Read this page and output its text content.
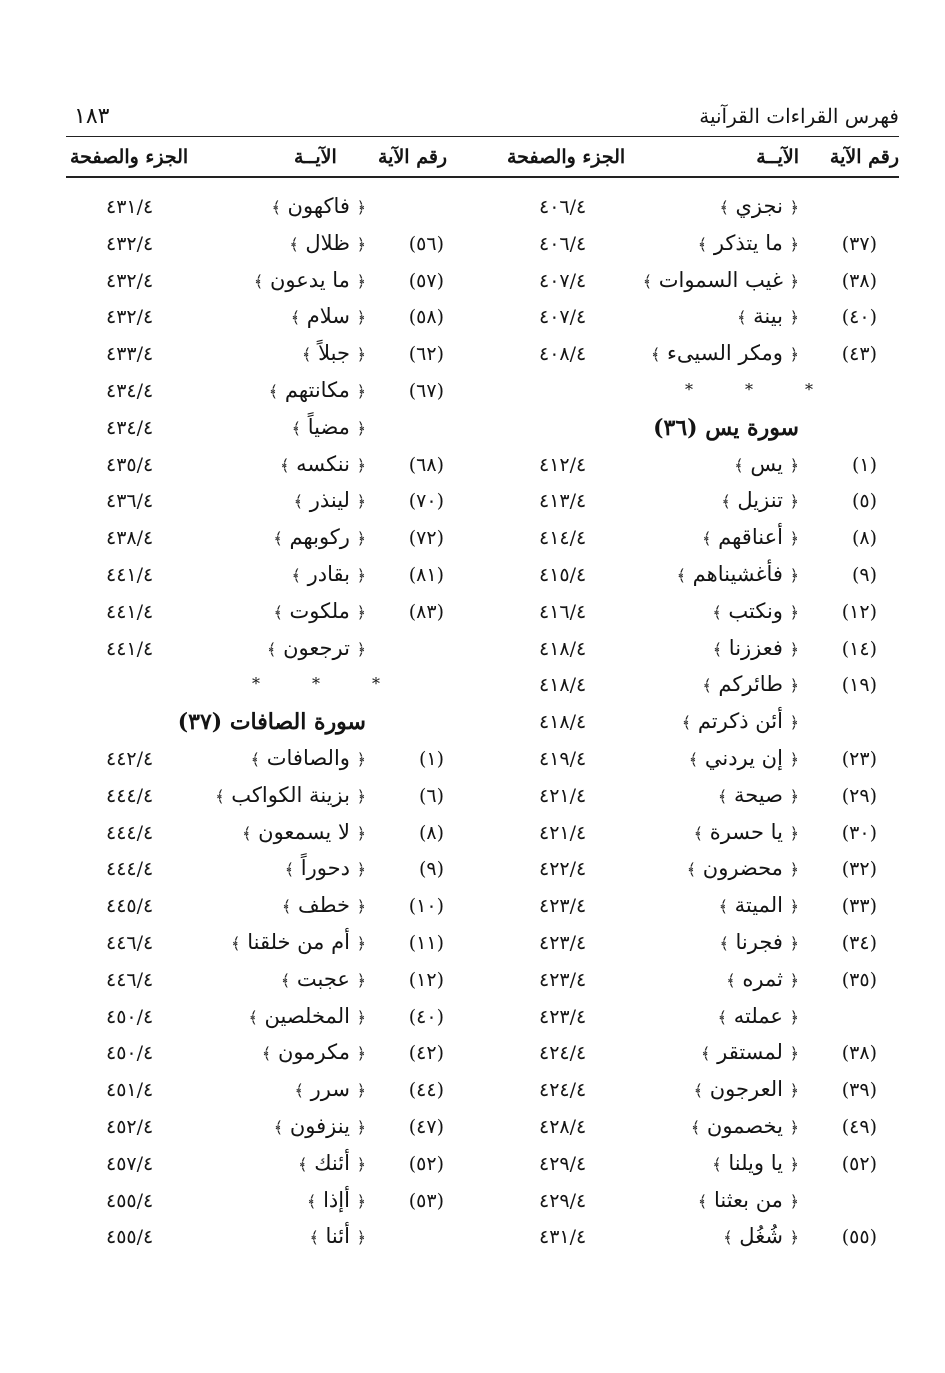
١٨٣	فهرس القراءات القرآنية
رقم الآية
الآيــة
الجزء والصفحة
رقم الآية
الآيــة
الجزء والصفحة
﴿ نجزي ﴾
٤٠٦/٤
(٣٧)
﴿ ما يتذكر ﴾
٤٠٦/٤
(٣٨)
﴿ غيب السموات ﴾
٤٠٧/٤
(٤٠)
﴿ بينة ﴾
٤٠٧/٤
(٤٣)
﴿ ومكر السيىء ﴾
٤٠٨/٤
***
سورة يس (٣٦)
(١)
﴿ يس ﴾
٤١٢/٤
(٥)
﴿ تنزيل ﴾
٤١٣/٤
(٨)
﴿ أعناقهم ﴾
٤١٤/٤
(٩)
﴿ فأغشيناهم ﴾
٤١٥/٤
(١٢)
﴿ ونكتب ﴾
٤١٦/٤
(١٤)
﴿ فعززنا ﴾
٤١٨/٤
(١٩)
﴿ طائركم ﴾
٤١٨/٤
﴿ أئن ذكرتم ﴾
٤١٨/٤
(٢٣)
﴿ إن يردني ﴾
٤١٩/٤
(٢٩)
﴿ صيحة ﴾
٤٢١/٤
(٣٠)
﴿ يا حسرة ﴾
٤٢١/٤
(٣٢)
﴿ محضرون ﴾
٤٢٢/٤
(٣٣)
﴿ الميتة ﴾
٤٢٣/٤
(٣٤)
﴿ فجرنا ﴾
٤٢٣/٤
(٣٥)
﴿ ثمره ﴾
٤٢٣/٤
﴿ عملته ﴾
٤٢٣/٤
(٣٨)
﴿ لمستقر ﴾
٤٢٤/٤
(٣٩)
﴿ العرجون ﴾
٤٢٤/٤
(٤٩)
﴿ يخصمون ﴾
٤٢٨/٤
(٥٢)
﴿ يا ويلنا ﴾
٤٢٩/٤
﴿ من بعثنا ﴾
٤٢٩/٤
(٥٥)
﴿ شُغُل ﴾
٤٣١/٤
﴿ فاكهون ﴾
٤٣١/٤
(٥٦)
﴿ ظلال ﴾
٤٣٢/٤
(٥٧)
﴿ ما يدعون ﴾
٤٣٢/٤
(٥٨)
﴿ سلام ﴾
٤٣٢/٤
(٦٢)
﴿ جبلاً ﴾
٤٣٣/٤
(٦٧)
﴿ مكانتهم ﴾
٤٣٤/٤
﴿ مضياً ﴾
٤٣٤/٤
(٦٨)
﴿ ننكسه ﴾
٤٣٥/٤
(٧٠)
﴿ لينذر ﴾
٤٣٦/٤
(٧٢)
﴿ ركوبهم ﴾
٤٣٨/٤
(٨١)
﴿ بقادر ﴾
٤٤١/٤
(٨٣)
﴿ ملكوت ﴾
٤٤١/٤
﴿ ترجعون ﴾
٤٤١/٤
***
سورة الصافات (٣٧)
(١)
﴿ والصافات ﴾
٤٤٢/٤
(٦)
﴿ بزينة الكواكب ﴾
٤٤٤/٤
(٨)
﴿ لا يسمعون ﴾
٤٤٤/٤
(٩)
﴿ دحوراً ﴾
٤٤٤/٤
(١٠)
﴿ خطف ﴾
٤٤٥/٤
(١١)
﴿ أم من خلقنا ﴾
٤٤٦/٤
(١٢)
﴿ عجبت ﴾
٤٤٦/٤
(٤٠)
﴿ المخلصين ﴾
٤٥٠/٤
(٤٢)
﴿ مكرمون ﴾
٤٥٠/٤
(٤٤)
﴿ سرر ﴾
٤٥١/٤
(٤٧)
﴿ ينزفون ﴾
٤٥٢/٤
(٥٢)
﴿ أئنك ﴾
٤٥٧/٤
(٥٣)
﴿ أإذا ﴾
٤٥٥/٤
﴿ أئنا ﴾
٤٥٥/٤
